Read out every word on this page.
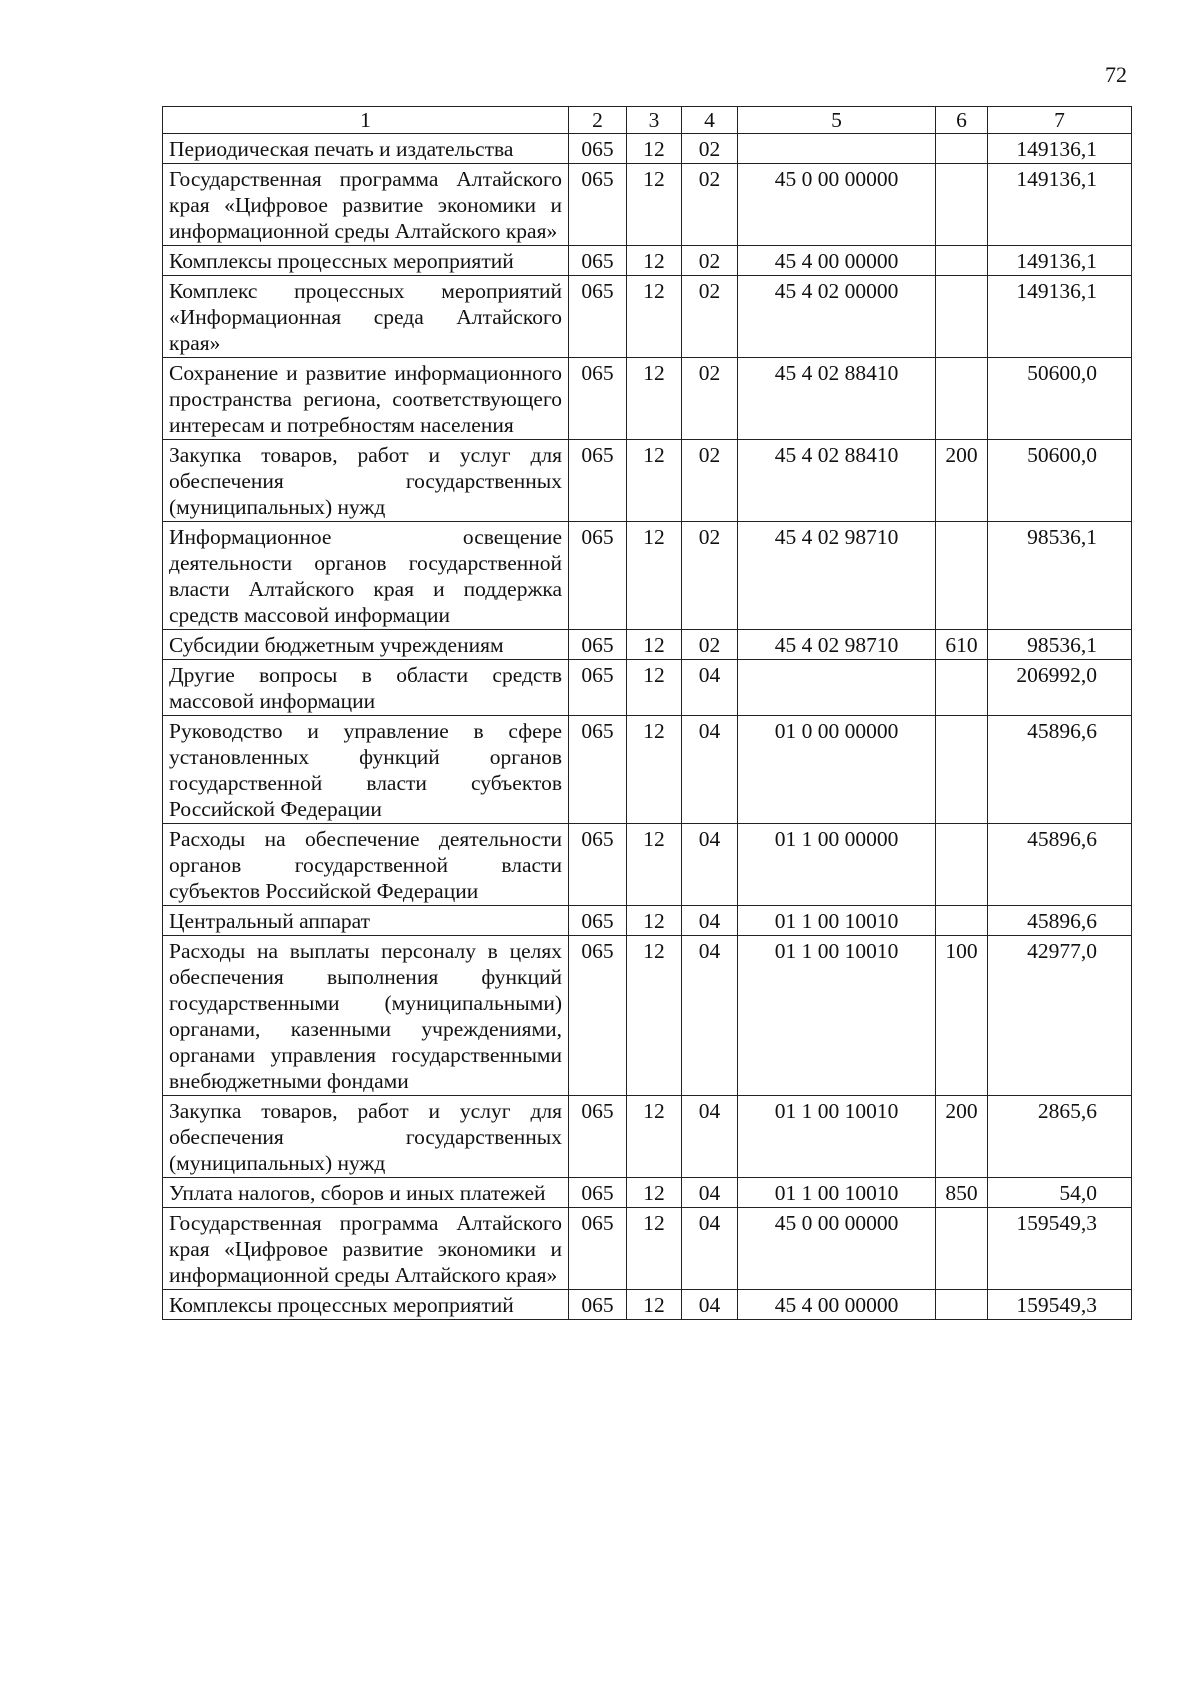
72
1	2	3	4	5	6	7
Периодическая печать и издательства	065	12	02			149136,1
Государственная программа Алтайского края «Цифровое развитие экономики и информационной среды Алтайского края»	065	12	02	45 0 00 00000		149136,1
Комплексы процессных мероприятий	065	12	02	45 4 00 00000		149136,1
Комплекс процессных мероприятий «Информационная среда Алтайского края»	065	12	02	45 4 02 00000		149136,1
Сохранение и развитие информационного пространства региона, соответствующего интересам и потребностям населения	065	12	02	45 4 02 88410		50600,0
Закупка товаров, работ и услуг для обеспечения государственных (муниципальных) нужд	065	12	02	45 4 02 88410	200	50600,0
Информационное освещение деятельности органов государственной власти Алтайского края и поддержка средств массовой информации	065	12	02	45 4 02 98710		98536,1
Субсидии бюджетным учреждениям	065	12	02	45 4 02 98710	610	98536,1
Другие вопросы в области средств массовой информации	065	12	04			206992,0
Руководство и управление в сфере установленных функций органов государственной власти субъектов Российской Федерации	065	12	04	01 0 00 00000		45896,6
Расходы на обеспечение деятельности органов государственной власти субъектов Российской Федерации	065	12	04	01 1 00 00000		45896,6
Центральный аппарат	065	12	04	01 1 00 10010		45896,6
Расходы на выплаты персоналу в целях обеспечения выполнения функций государственными (муниципальными) органами, казенными учреждениями, органами управления государственными внебюджетными фондами	065	12	04	01 1 00 10010	100	42977,0
Закупка товаров, работ и услуг для обеспечения государственных (муниципальных) нужд	065	12	04	01 1 00 10010	200	2865,6
Уплата налогов, сборов и иных платежей	065	12	04	01 1 00 10010	850	54,0
Государственная программа Алтайского края «Цифровое развитие экономики и информационной среды Алтайского края»	065	12	04	45 0 00 00000		159549,3
Комплексы процессных мероприятий	065	12	04	45 4 00 00000		159549,3
